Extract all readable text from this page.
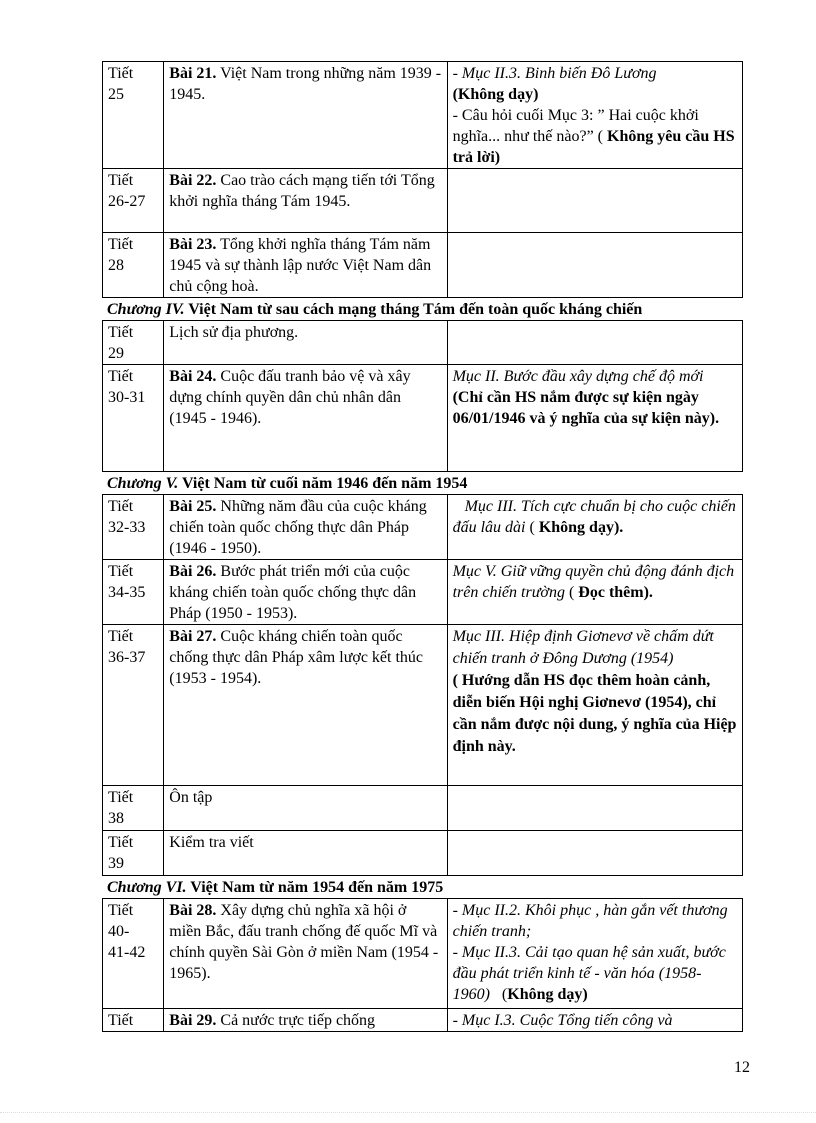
Tiết
25	Bài 21. Việt Nam trong những năm 1939 - 1945.	- Mục II.3. Binh biến Đô Lương
(Không dạy)
- Câu hỏi cuối Mục 3: ” Hai cuộc khởi nghĩa... như thế nào?” ( Không yêu cầu HS trả lời)
Tiết
26-27	Bài 22. Cao trào cách mạng tiến tới Tổng khởi nghĩa tháng Tám 1945.	
Tiết
28	Bài 23. Tổng khởi nghĩa tháng Tám năm 1945 và sự thành lập nước Việt Nam dân chủ cộng hoà.	
Chương IV. Việt Nam từ sau cách mạng tháng Tám đến toàn quốc kháng chiến
Tiết
29	Lịch sử địa phương.	
Tiết
30-31	Bài 24. Cuộc đấu tranh bảo vệ và xây dựng chính quyền dân chủ nhân dân (1945 - 1946).	Mục II. Bước đầu xây dựng chế độ mới
(Chỉ cần HS nắm được sự kiện ngày 06/01/1946 và ý nghĩa của sự kiện này).
Chương V. Việt Nam từ cuối năm 1946 đến năm 1954
Tiết
32-33	Bài 25. Những năm đầu của cuộc kháng chiến toàn quốc chống thực dân Pháp (1946 - 1950).	Mục III. Tích cực chuẩn bị cho cuộc chiến đấu lâu dài ( Không dạy).
Tiết
34-35	Bài 26. Bước phát triển mới của cuộc kháng chiến toàn quốc chống thực dân Pháp (1950 - 1953).	Mục V. Giữ vững quyền chủ động đánh địch trên chiến trường ( Đọc thêm).
Tiết
36-37	Bài 27. Cuộc kháng chiến toàn quốc chống thực dân Pháp xâm lược kết thúc (1953 - 1954).	Mục III. Hiệp định Giơnevơ về chấm dứt chiến tranh ở Đông Dương (1954)
( Hướng dẫn HS đọc thêm hoàn cảnh, diễn biến Hội nghị Giơnevơ (1954), chỉ cần nắm được nội dung, ý nghĩa của Hiệp định này.
Tiết
38	Ôn tập	
Tiết
39	Kiểm tra viết	
Chương VI. Việt Nam từ năm 1954 đến năm 1975
Tiết
40-
41-42	Bài 28. Xây dựng chủ nghĩa xã hội ở miền Bắc, đấu tranh chống đế quốc Mĩ và chính quyền Sài Gòn ở miền Nam (1954 - 1965).	- Mục II.2. Khôi phục , hàn gắn vết thương chiến tranh;
- Mục II.3. Cải tạo quan hệ sản xuất, bước đầu phát triển kinh tế - văn hóa (1958-1960)   (Không dạy)
Tiết	Bài 29. Cả nước trực tiếp chống	- Mục I.3. Cuộc Tổng tiến công và
12
